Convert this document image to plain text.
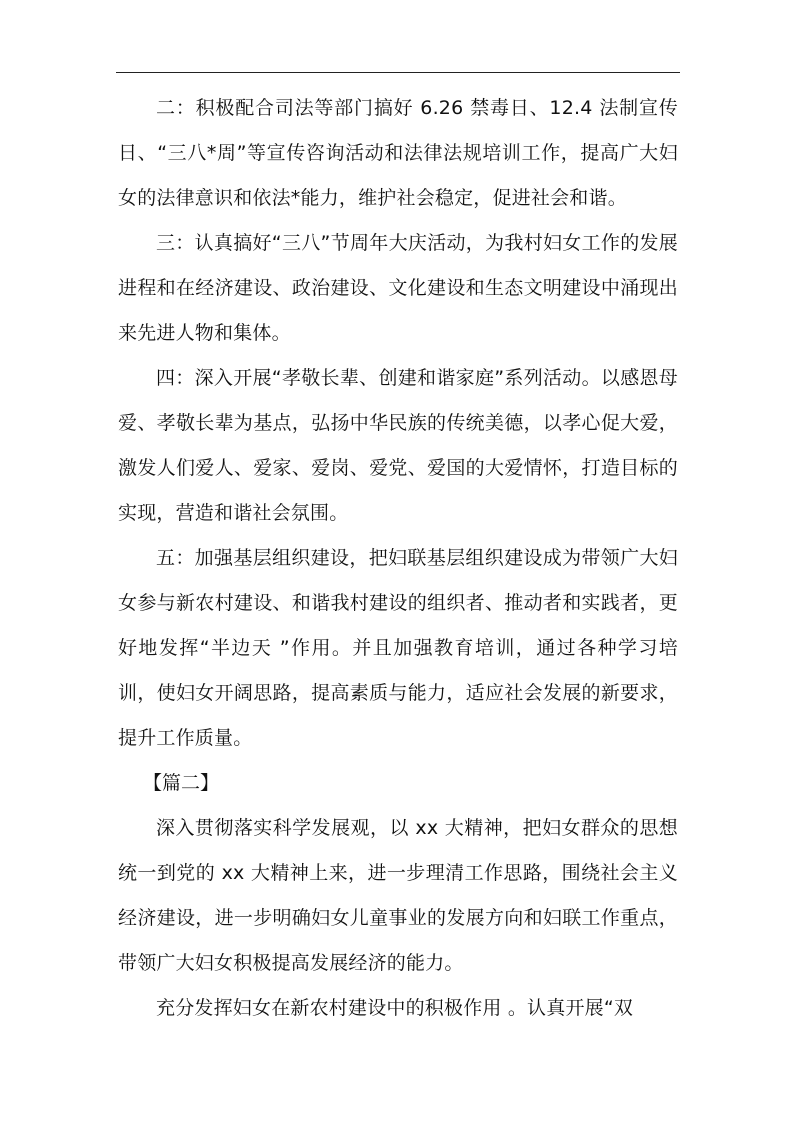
二：积极配合司法等部门搞好 6.26 禁毒日、12.4 法制宣传日、“三八*周”等宣传咨询活动和法律法规培训工作，提高广大妇女的法律意识和依法*能力，维护社会稳定，促进社会和谐。

三：认真搞好“三八”节周年大庆活动，为我村妇女工作的发展进程和在经济建设、政治建设、文化建设和生态文明建设中涌现出来先进人物和集体。

四：深入开展“孝敬长辈、创建和谐家庭”系列活动。以感恩母爱、孝敬长辈为基点，弘扬中华民族的传统美德，以孝心促大爱，激发人们爱人、爱家、爱岗、爱党、爱国的大爱情怀，打造目标的实现，营造和谐社会氛围。

五：加强基层组织建设，把妇联基层组织建设成为带领广大妇女参与新农村建设、和谐我村建设的组织者、推动者和实践者，更好地发挥“半边天 ”作用。并且加强教育培训，通过各种学习培训，使妇女开阔思路，提高素质与能力，适应社会发展的新要求，提升工作质量。

【篇二】

深入贯彻落实科学发展观，以 xx 大精神，把妇女群众的思想统一到党的 xx 大精神上来，进一步理清工作思路，围绕社会主义经济建设，进一步明确妇女儿童事业的发展方向和妇联工作重点，带领广大妇女积极提高发展经济的能力。

充分发挥妇女在新农村建设中的积极作用 。认真开展“双
